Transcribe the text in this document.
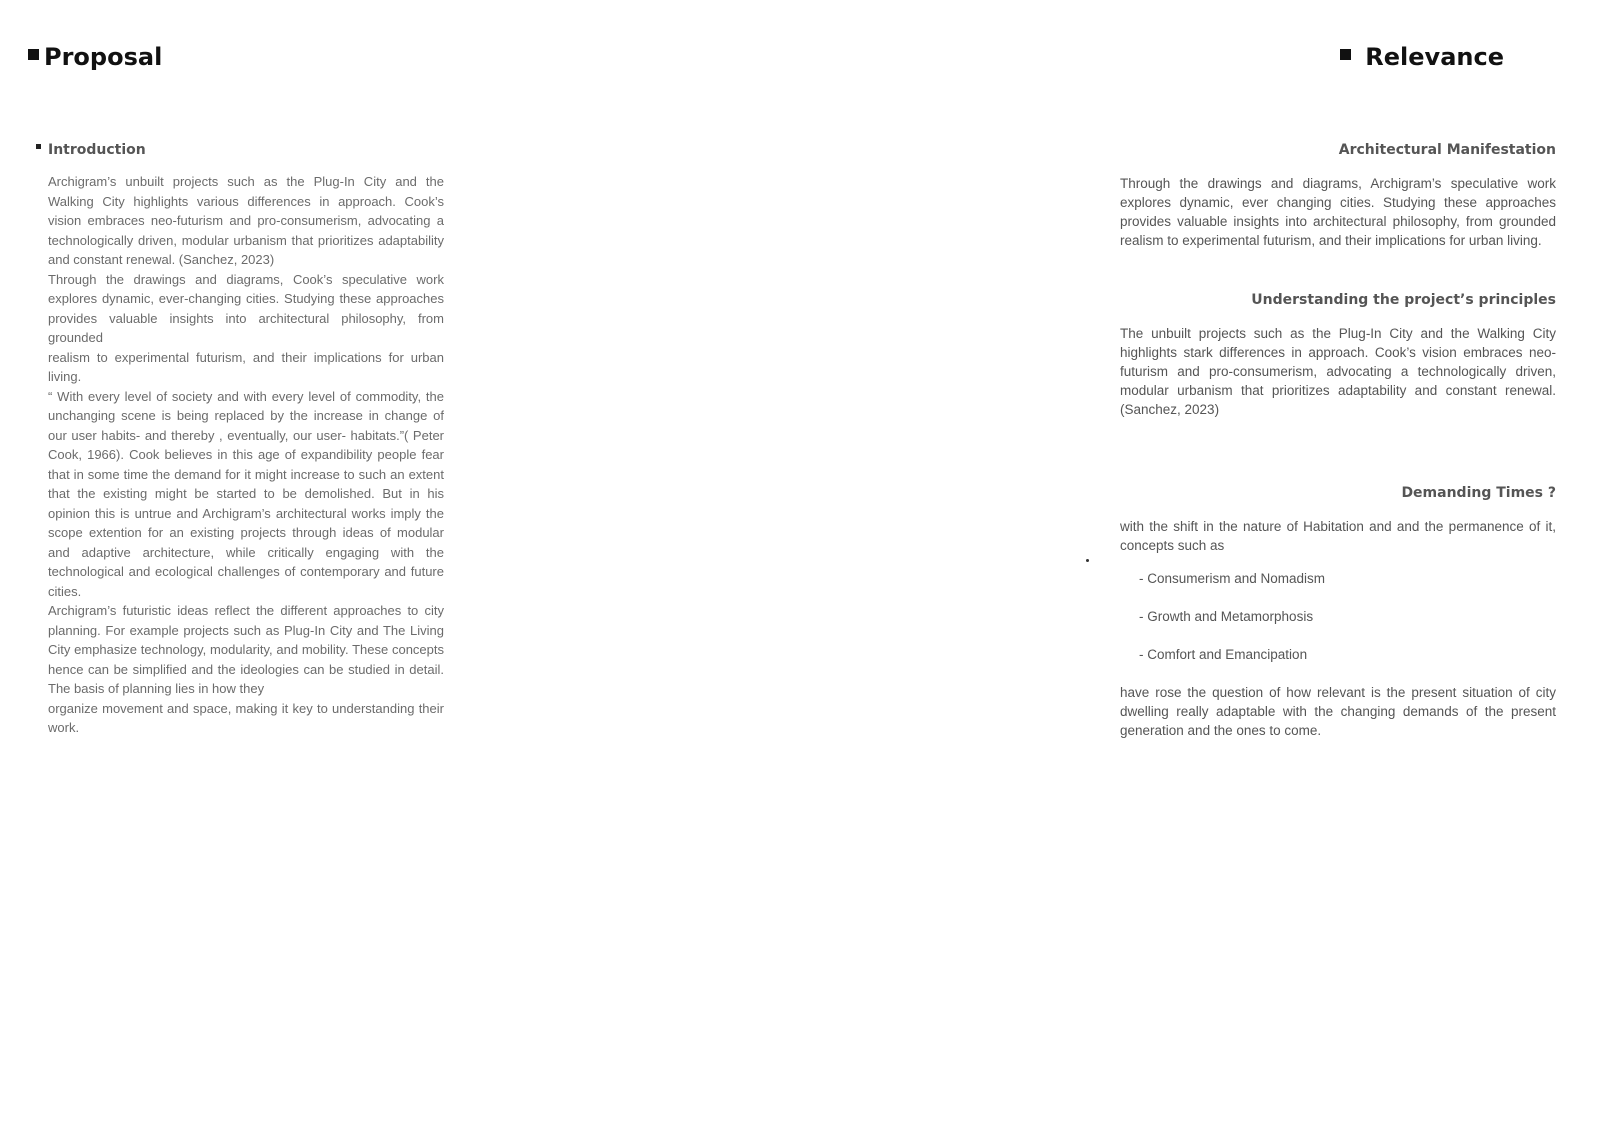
Proposal	Relevance
Introduction
Archigram’s unbuilt projects such as the Plug-In City and the Walking City highlights various differences in approach. Cook’s vision embraces neo-futurism and pro-consumerism, advocating a technologically driven, modular urbanism that prioritizes adaptability and constant renewal. (Sanchez, 2023)
Through the drawings and diagrams, Cook’s speculative work explores dynamic, ever-changing cities. Studying these approaches provides valuable insights into architectural philosophy, from grounded
realism to experimental futurism, and their implications for urban living.
“ With every level of society and with every level of commodity, the unchanging scene is being replaced by the increase in change of our user habits- and thereby , eventually, our user- habitats.”( Peter Cook, 1966). Cook believes in this age of expandibility people fear that in some time the demand for it might increase to such an extent that the existing might be started to be demolished. But in his opinion this is untrue and Archigram’s architectural works imply the scope extention for an existing projects through ideas of modular and adaptive architecture, while critically engaging with the technological and ecological challenges of contemporary and future cities.
Archigram’s futuristic ideas reflect the different approaches to city planning. For example projects such as Plug-In City and The Living City emphasize technology, modularity, and mobility. These concepts hence can be simplified and the ideologies can be studied in detail. The basis of planning lies in how they
organize movement and space, making it key to understanding their work.
Architectural Manifestation

Through the drawings and diagrams, Archigram’s speculative work explores dynamic, ever changing cities. Studying these approaches provides valuable insights into architectural philosophy, from grounded realism to experimental futurism, and their implications for urban living.

Understanding the project’s principles

The unbuilt projects such as the Plug-In City and the Walking City highlights stark differences in approach. Cook’s vision embraces neo-futurism and pro-consumerism, advocating a technologically driven, modular urbanism that prioritizes adaptability and constant renewal. (Sanchez, 2023)

Demanding Times ?

with the shift in the nature of Habitation and and the permanence of it, concepts such as

- Consumerism and Nomadism
- Growth and Metamorphosis
- Comfort and Emancipation

have rose the question of how relevant is the present situation of city dwelling really adaptable with the changing demands of the present generation and the ones to come.
